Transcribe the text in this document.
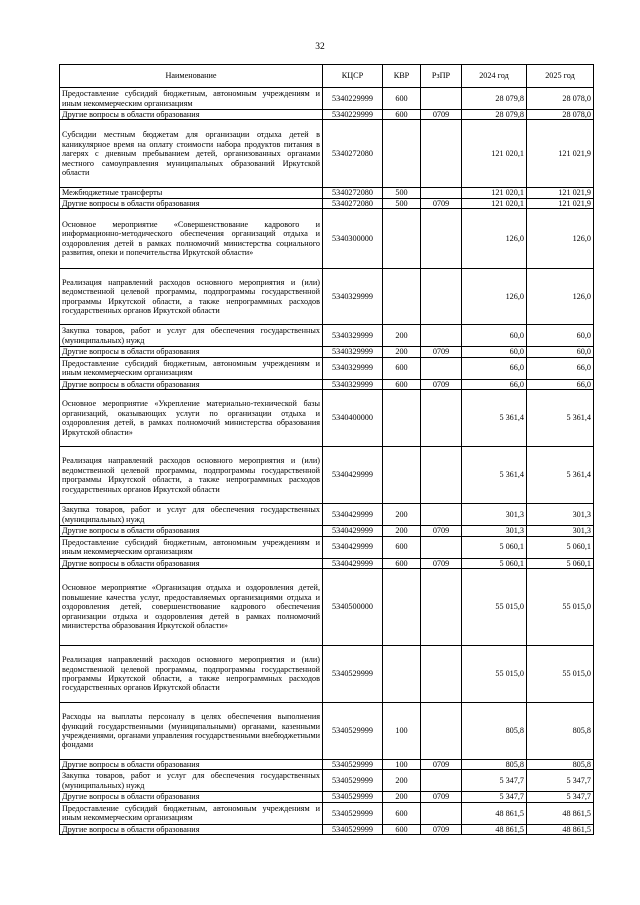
32
Наименование	КЦСР	КВР	РзПР	2024 год	2025 год
Предоставление субсидий бюджетным, автономным учреждениям и иным некоммерческим организациям	5340229999	600		28 079,8	28 078,0
Другие вопросы в области образования	5340229999	600	0709	28 079,8	28 078,0
Субсидии местным бюджетам для организации отдыха детей в каникулярное время на оплату стоимости набора продуктов питания в лагерях с дневным пребыванием детей, организованных органами местного самоуправления муниципальных образований Иркутской области	5340272080			121 020,1	121 021,9
Межбюджетные трансферты	5340272080	500		121 020,1	121 021,9
Другие вопросы в области образования	5340272080	500	0709	121 020,1	121 021,9
Основное мероприятие «Совершенствование кадрового и информационно-методического обеспечения организаций отдыха и оздоровления детей в рамках полномочий министерства социального развития, опеки и попечительства Иркутской области»	5340300000			126,0	126,0
Реализация направлений расходов основного мероприятия и (или) ведомственной целевой программы, подпрограммы государственной программы Иркутской области, а также непрограммных расходов государственных органов Иркутской области	5340329999			126,0	126,0
Закупка товаров, работ и услуг для обеспечения государственных (муниципальных) нужд	5340329999	200		60,0	60,0
Другие вопросы в области образования	5340329999	200	0709	60,0	60,0
Предоставление субсидий бюджетным, автономным учреждениям и иным некоммерческим организациям	5340329999	600		66,0	66,0
Другие вопросы в области образования	5340329999	600	0709	66,0	66,0
Основное мероприятие «Укрепление материально-технической базы организаций, оказывающих услуги по организации отдыха и оздоровления детей, в рамках полномочий министерства образования Иркутской области»	5340400000			5 361,4	5 361,4
Реализация направлений расходов основного мероприятия и (или) ведомственной целевой программы, подпрограммы государственной программы Иркутской области, а также непрограммных расходов государственных органов Иркутской области	5340429999			5 361,4	5 361,4
Закупка товаров, работ и услуг для обеспечения государственных (муниципальных) нужд	5340429999	200		301,3	301,3
Другие вопросы в области образования	5340429999	200	0709	301,3	301,3
Предоставление субсидий бюджетным, автономным учреждениям и иным некоммерческим организациям	5340429999	600		5 060,1	5 060,1
Другие вопросы в области образования	5340429999	600	0709	5 060,1	5 060,1
Основное мероприятие «Организация отдыха и оздоровления детей, повышение качества услуг, предоставляемых организациями отдыха и оздоровления детей, совершенствование кадрового обеспечения организации отдыха и оздоровления детей в рамках полномочий министерства образования Иркутской области»	5340500000			55 015,0	55 015,0
Реализация направлений расходов основного мероприятия и (или) ведомственной целевой программы, подпрограммы государственной программы Иркутской области, а также непрограммных расходов государственных органов Иркутской области	5340529999			55 015,0	55 015,0
Расходы на выплаты персоналу в целях обеспечения выполнения функций государственными (муниципальными) органами, казенными учреждениями, органами управления государственными внебюджетными фондами	5340529999	100		805,8	805,8
Другие вопросы в области образования	5340529999	100	0709	805,8	805,8
Закупка товаров, работ и услуг для обеспечения государственных (муниципальных) нужд	5340529999	200		5 347,7	5 347,7
Другие вопросы в области образования	5340529999	200	0709	5 347,7	5 347,7
Предоставление субсидий бюджетным, автономным учреждениям и иным некоммерческим организациям	5340529999	600		48 861,5	48 861,5
Другие вопросы в области образования	5340529999	600	0709	48 861,5	48 861,5
